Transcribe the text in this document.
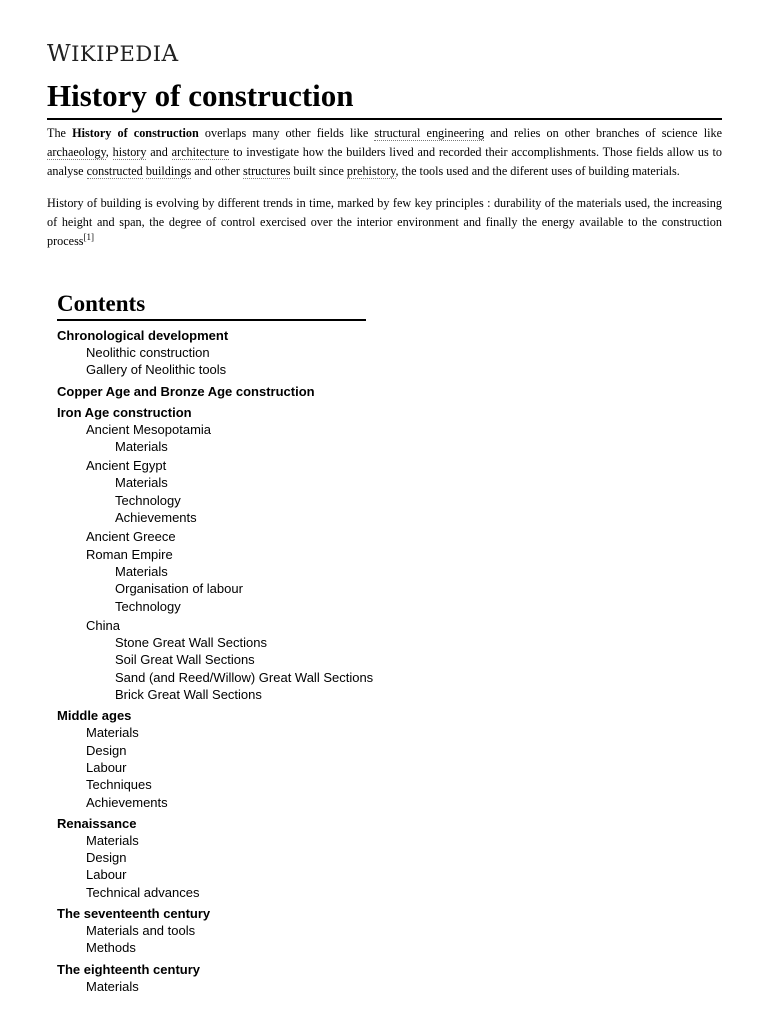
WIKIPEDIA
History of construction

The History of construction overlaps many other fields like structural engineering and relies on other branches of science like archaeology, history and architecture to investigate how the builders lived and recorded their accomplishments. Those fields allow us to analyse constructed buildings and other structures built since prehistory, the tools used and the diferent uses of building materials.

History of building is evolving by different trends in time, marked by few key principles : durability of the materials used, the increasing of height and span, the degree of control exercised over the interior environment and finally the energy available to the construction process[1]

Contents
Chronological development
Neolithic construction
Gallery of Neolithic tools
Copper Age and Bronze Age construction
Iron Age construction
Ancient Mesopotamia
Materials
Ancient Egypt
Materials
Technology
Achievements
Ancient Greece
Roman Empire
Materials
Organisation of labour
Technology
China
Stone Great Wall Sections
Soil Great Wall Sections
Sand (and Reed/Willow) Great Wall Sections
Brick Great Wall Sections
Middle ages
Materials
Design
Labour
Techniques
Achievements
Renaissance
Materials
Design
Labour
Technical advances
The seventeenth century
Materials and tools
Methods
The eighteenth century
Materials
